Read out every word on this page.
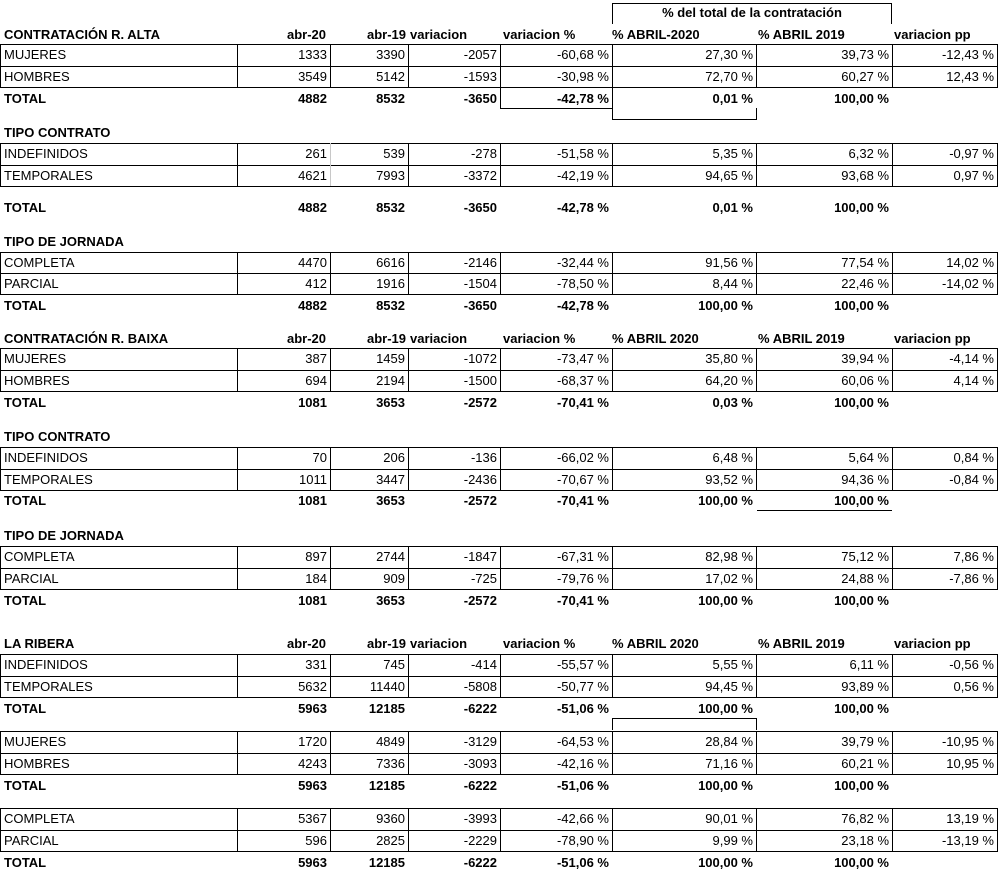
% del total de la contratación
CONTRATACIÓN R. ALTA	abr-20	abr-19 variacion	variacion %	% ABRIL-2020	% ABRIL 2019	variacion pp
MUJERES	1333	3390	-2057	-60,68 %	27,30 %	39,73 %	-12,43 %
HOMBRES	3549	5142	-1593	-30,98 %	72,70 %	60,27 %	12,43 %
TOTAL	4882	8532	-3650	-42,78 %	0,01 %	100,00 %
TIPO CONTRATO
INDEFINIDOS	261	539	-278	-51,58 %	5,35 %	6,32 %	-0,97 %
TEMPORALES	4621	7993	-3372	-42,19 %	94,65 %	93,68 %	0,97 %
TOTAL	4882	8532	-3650	-42,78 %	0,01 %	100,00 %
TIPO DE JORNADA
COMPLETA	4470	6616	-2146	-32,44 %	91,56 %	77,54 %	14,02 %
PARCIAL	412	1916	-1504	-78,50 %	8,44 %	22,46 %	-14,02 %
TOTAL	4882	8532	-3650	-42,78 %	100,00 %	100,00 %
CONTRATACIÓN R. BAIXA	abr-20	abr-19 variacion	variacion %	% ABRIL 2020	% ABRIL 2019	variacion pp
MUJERES	387	1459	-1072	-73,47 %	35,80 %	39,94 %	-4,14 %
HOMBRES	694	2194	-1500	-68,37 %	64,20 %	60,06 %	4,14 %
TOTAL	1081	3653	-2572	-70,41 %	0,03 %	100,00 %
TIPO CONTRATO
INDEFINIDOS	70	206	-136	-66,02 %	6,48 %	5,64 %	0,84 %
TEMPORALES	1011	3447	-2436	-70,67 %	93,52 %	94,36 %	-0,84 %
TOTAL	1081	3653	-2572	-70,41 %	100,00 %	100,00 %
TIPO DE JORNADA
COMPLETA	897	2744	-1847	-67,31 %	82,98 %	75,12 %	7,86 %
PARCIAL	184	909	-725	-79,76 %	17,02 %	24,88 %	-7,86 %
TOTAL	1081	3653	-2572	-70,41 %	100,00 %	100,00 %
LA RIBERA	abr-20	abr-19 variacion	variacion %	% ABRIL 2020	% ABRIL 2019	variacion pp
INDEFINIDOS	331	745	-414	-55,57 %	5,55 %	6,11 %	-0,56 %
TEMPORALES	5632	11440	-5808	-50,77 %	94,45 %	93,89 %	0,56 %
TOTAL	5963	12185	-6222	-51,06 %	100,00 %	100,00 %
MUJERES	1720	4849	-3129	-64,53 %	28,84 %	39,79 %	-10,95 %
HOMBRES	4243	7336	-3093	-42,16 %	71,16 %	60,21 %	10,95 %
TOTAL	5963	12185	-6222	-51,06 %	100,00 %	100,00 %
COMPLETA	5367	9360	-3993	-42,66 %	90,01 %	76,82 %	13,19 %
PARCIAL	596	2825	-2229	-78,90 %	9,99 %	23,18 %	-13,19 %
TOTAL	5963	12185	-6222	-51,06 %	100,00 %	100,00 %
